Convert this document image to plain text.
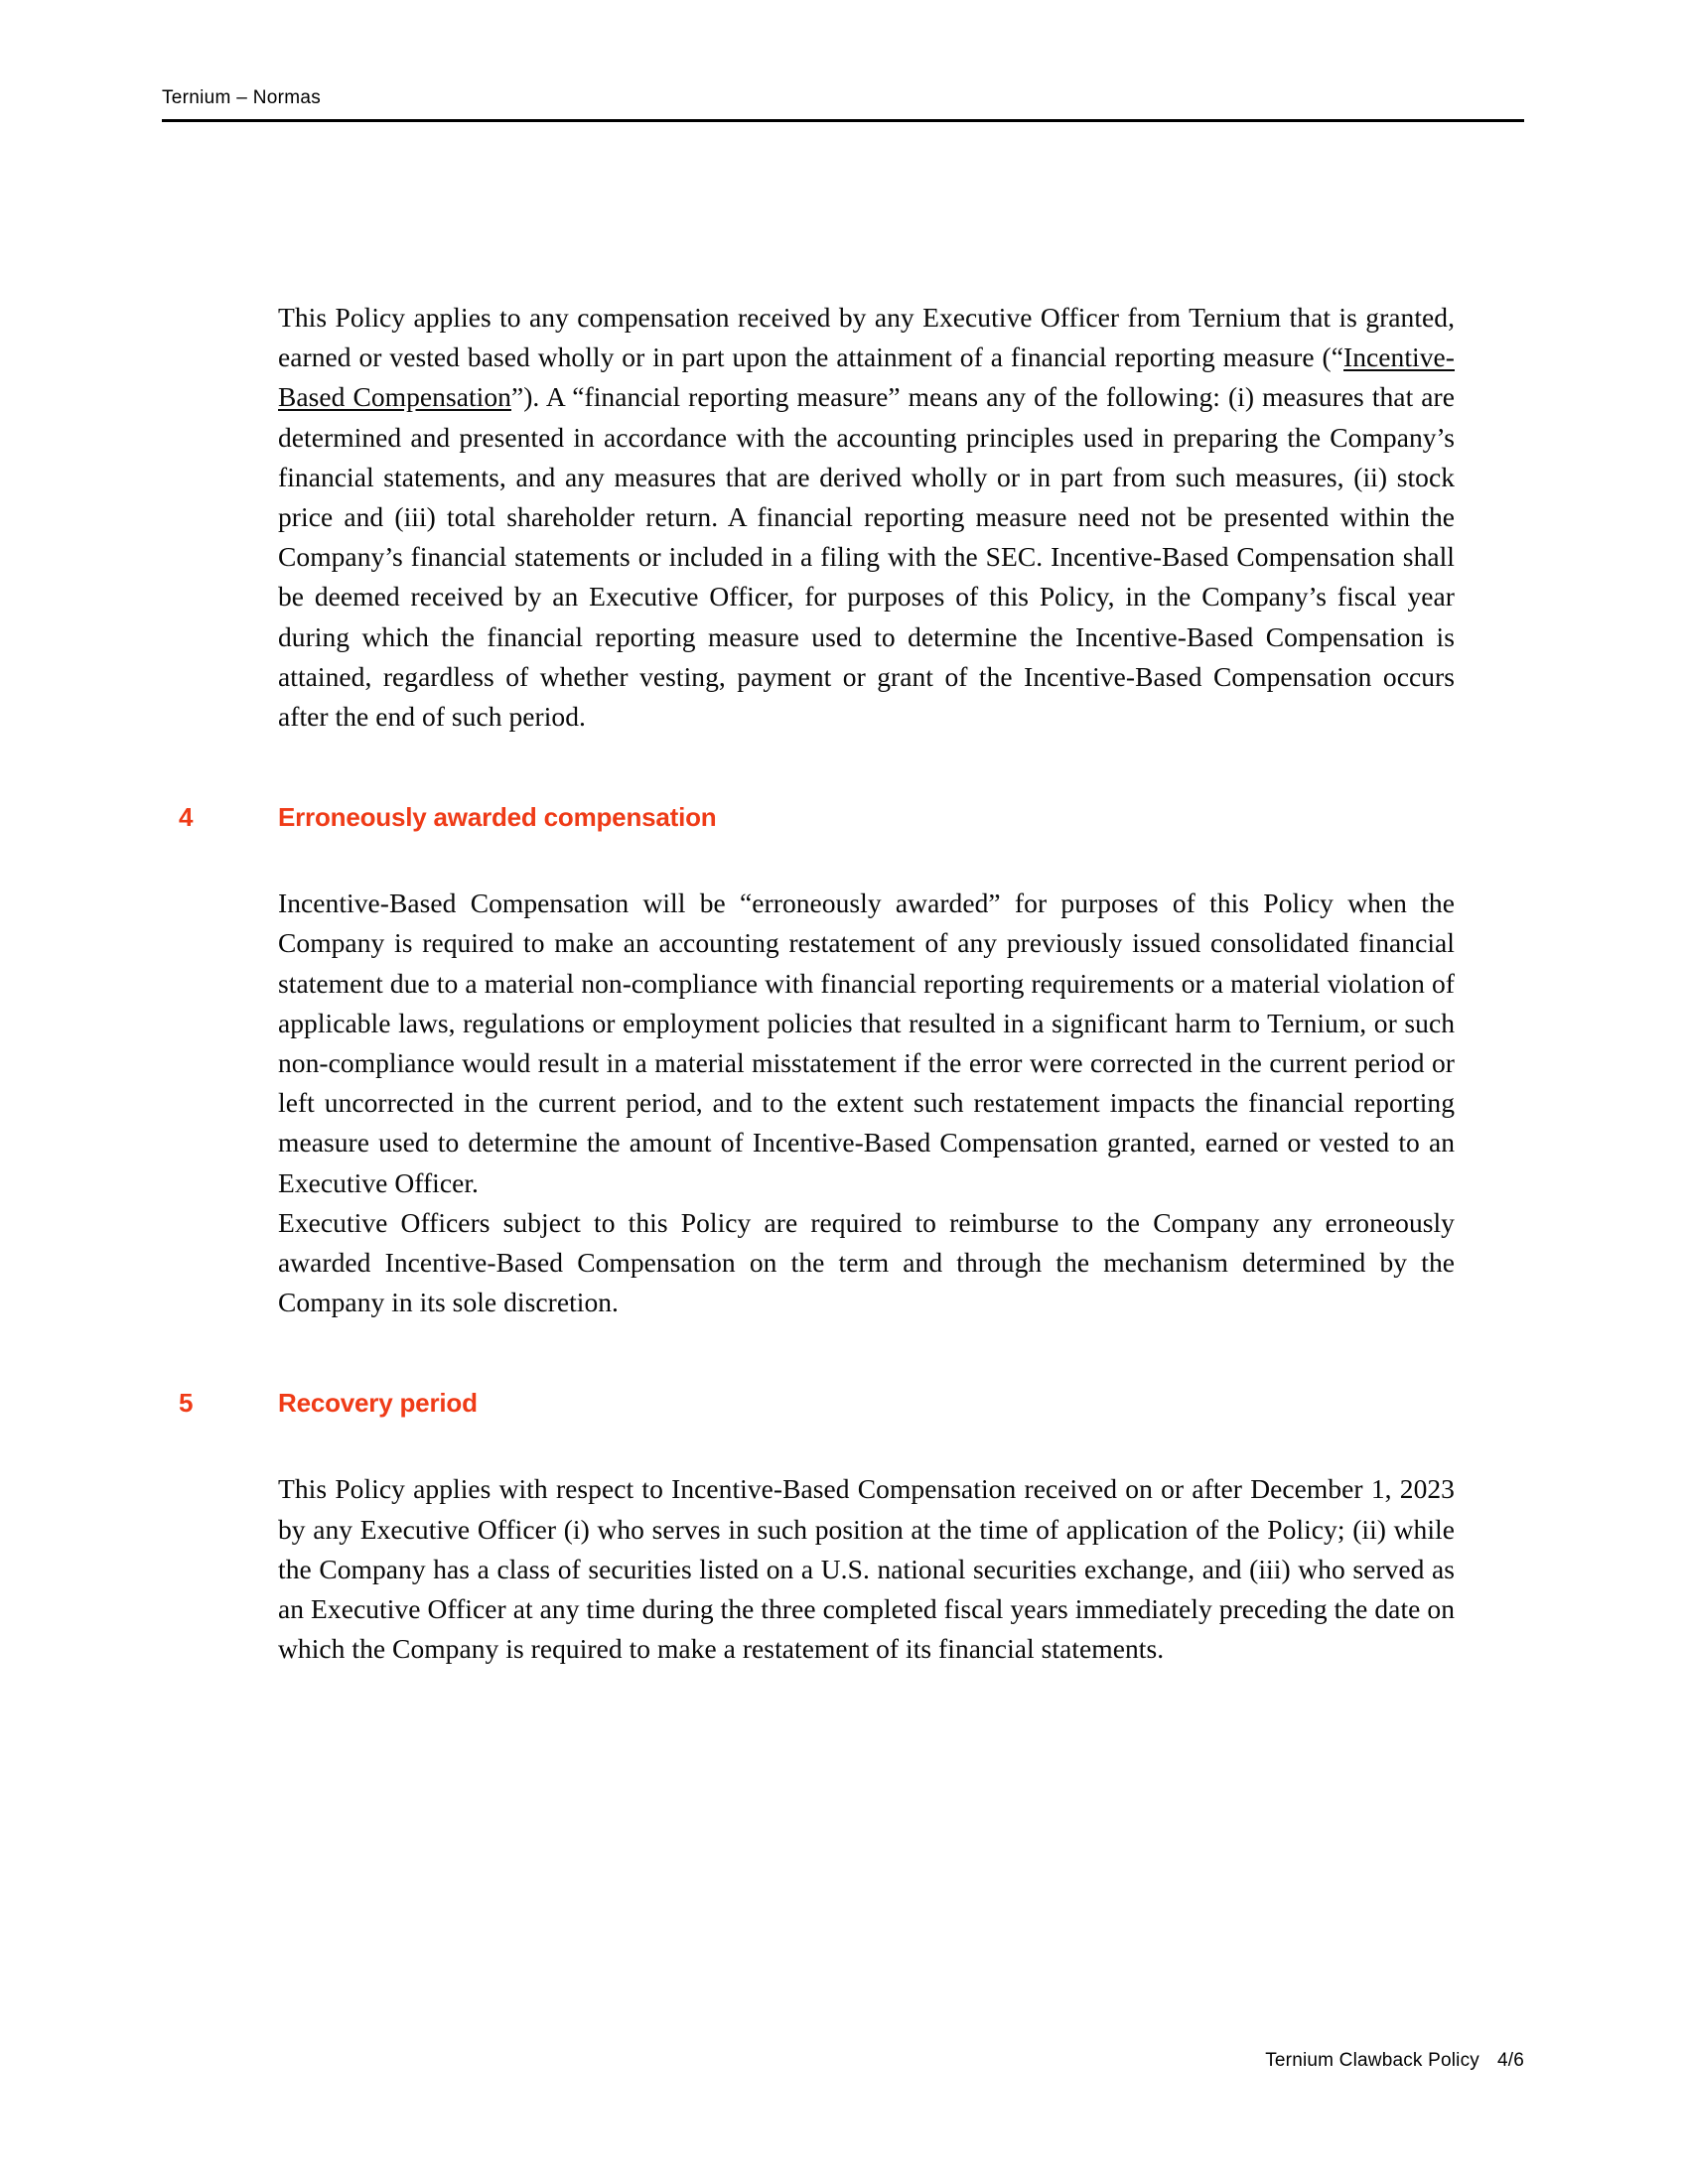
Ternium – Normas

This Policy applies to any compensation received by any Executive Officer from Ternium that is granted, earned or vested based wholly or in part upon the attainment of a financial reporting measure (“Incentive-Based Compensation”). A “financial reporting measure” means any of the following: (i) measures that are determined and presented in accordance with the accounting principles used in preparing the Company’s financial statements, and any measures that are derived wholly or in part from such measures, (ii) stock price and (iii) total shareholder return. A financial reporting measure need not be presented within the Company’s financial statements or included in a filing with the SEC. Incentive-Based Compensation shall be deemed received by an Executive Officer, for purposes of this Policy, in the Company’s fiscal year during which the financial reporting measure used to determine the Incentive-Based Compensation is attained, regardless of whether vesting, payment or grant of the Incentive-Based Compensation occurs after the end of such period.

4	Erroneously awarded compensation

Incentive-Based Compensation will be “erroneously awarded” for purposes of this Policy when the Company is required to make an accounting restatement of any previously issued consolidated financial statement due to a material non-compliance with financial reporting requirements or a material violation of applicable laws, regulations or employment policies that resulted in a significant harm to Ternium, or such non-compliance would result in a material misstatement if the error were corrected in the current period or left uncorrected in the current period, and to the extent such restatement impacts the financial reporting measure used to determine the amount of Incentive-Based Compensation granted, earned or vested to an Executive Officer.

Executive Officers subject to this Policy are required to reimburse to the Company any erroneously awarded Incentive-Based Compensation on the term and through the mechanism determined by the Company in its sole discretion.

5	Recovery period

This Policy applies with respect to Incentive-Based Compensation received on or after December 1, 2023 by any Executive Officer (i) who serves in such position at the time of application of the Policy; (ii) while the Company has a class of securities listed on a U.S. national securities exchange, and (iii) who served as an Executive Officer at any time during the three completed fiscal years immediately preceding the date on which the Company is required to make a restatement of its financial statements.

Ternium Clawback Policy 4/6
